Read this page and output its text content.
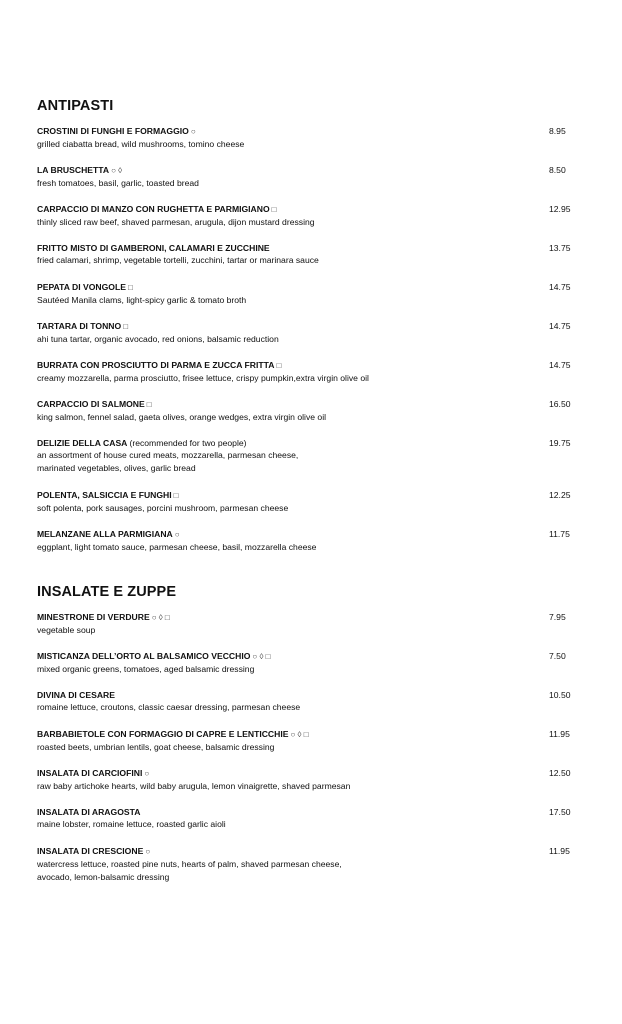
ANTIPASTI
CROSTINI DI FUNGHI E FORMAGGIO ○
grilled ciabatta bread, wild mushrooms, tomino cheese
8.95
LA BRUSCHETTA ○ ◊
fresh tomatoes, basil, garlic, toasted bread
8.50
CARPACCIO DI MANZO CON RUGHETTA E PARMIGIANO □
thinly sliced raw beef, shaved parmesan, arugula, dijon mustard dressing
12.95
FRITTO MISTO DI GAMBERONI, CALAMARI E ZUCCHINE
fried calamari, shrimp, vegetable tortelli, zucchini, tartar or marinara sauce
13.75
PEPATA DI VONGOLE □
Sautéed Manila clams, light-spicy garlic & tomato broth
14.75
TARTARA DI TONNO □
ahi tuna tartar, organic avocado, red onions, balsamic reduction
14.75
BURRATA CON PROSCIUTTO DI PARMA E ZUCCA FRITTA □
creamy mozzarella, parma prosciutto, frisee lettuce, crispy pumpkin,extra virgin olive oil
14.75
CARPACCIO DI SALMONE □
king salmon, fennel salad, gaeta olives, orange wedges, extra virgin olive oil
16.50
DELIZIE DELLA CASA (recommended for two people)
an assortment of house cured meats, mozzarella, parmesan cheese,
marinated vegetables, olives, garlic bread
19.75
POLENTA, SALSICCIA E FUNGHI □
soft polenta, pork sausages, porcini mushroom, parmesan cheese
12.25
MELANZANE ALLA PARMIGIANA ○
eggplant, light tomato sauce, parmesan cheese, basil, mozzarella cheese
11.75
INSALATE E ZUPPE
MINESTRONE DI VERDURE ○ ◊ □
vegetable soup
7.95
MISTICANZA DELL’ORTO AL BALSAMICO VECCHIO ○ ◊ □
mixed organic greens, tomatoes, aged balsamic dressing
7.50
DIVINA DI CESARE
romaine lettuce, croutons, classic caesar dressing, parmesan cheese
10.50
BARBABIETOLE CON FORMAGGIO DI CAPRE E LENTICCHIE ○ ◊ □
roasted beets, umbrian lentils, goat cheese, balsamic dressing
11.95
INSALATA DI CARCIOFINI ○
raw baby artichoke hearts, wild baby arugula, lemon vinaigrette, shaved parmesan
12.50
INSALATA DI ARAGOSTA
maine lobster, romaine lettuce, roasted garlic aioli
17.50
INSALATA DI CRESCIONE ○
watercress lettuce, roasted pine nuts, hearts of palm, shaved parmesan cheese,
avocado, lemon-balsamic dressing
11.95
